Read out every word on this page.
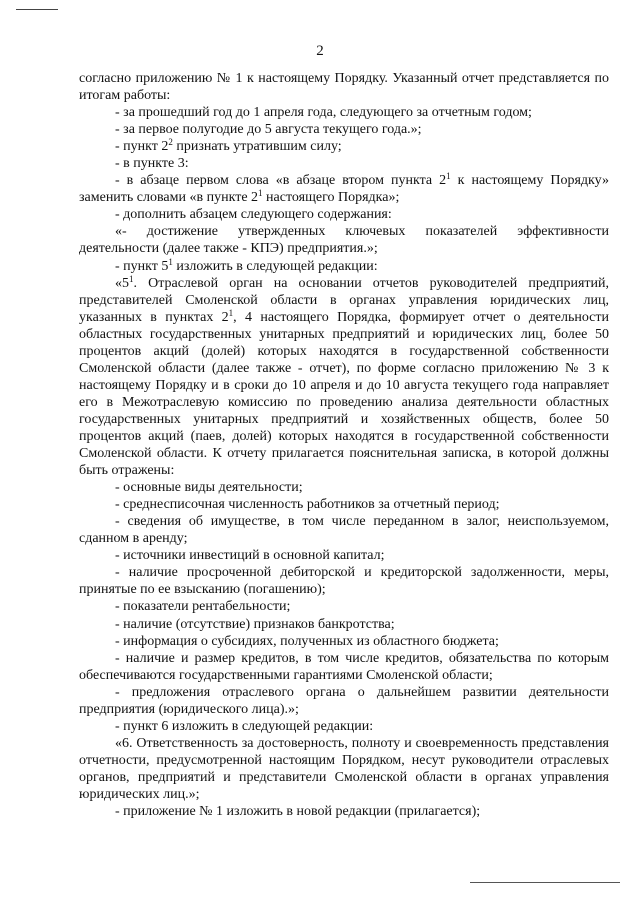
2

согласно приложению № 1 к настоящему Порядку. Указанный отчет представляется по итогам работы:

- за прошедший год до 1 апреля года, следующего за отчетным годом;

- за первое полугодие до 5 августа текущего года.»;

- пункт $2^2$ признать утратившим силу;

- в пункте 3:

- в абзаце первом слова «в абзаце втором пункта $2^1$ к настоящему Порядку» заменить словами «в пункте $2^1$ настоящего Порядка»;

- дополнить абзацем следующего содержания:

«- достижение утвержденных ключевых показателей эффективности деятельности (далее также - КПЭ) предприятия.»;

- пункт $5^1$ изложить в следующей редакции:

«$5^1$. Отраслевой орган на основании отчетов руководителей предприятий, представителей Смоленской области в органах управления юридических лиц, указанных в пунктах $2^1$, 4 настоящего Порядка, формирует отчет о деятельности областных государственных унитарных предприятий и юридических лиц, более 50 процентов акций (долей) которых находятся в государственной собственности Смоленской области (далее также - отчет), по форме согласно приложению № 3 к настоящему Порядку и в сроки до 10 апреля и до 10 августа текущего года направляет его в Межотраслевую комиссию по проведению анализа деятельности областных государственных унитарных предприятий и хозяйственных обществ, более 50 процентов акций (паев, долей) которых находятся в государственной собственности Смоленской области. К отчету прилагается пояснительная записка, в которой должны быть отражены:

- основные виды деятельности;

- среднесписочная численность работников за отчетный период;

- сведения об имуществе, в том числе переданном в залог, неиспользуемом, сданном в аренду;

- источники инвестиций в основной капитал;

- наличие просроченной дебиторской и кредиторской задолженности, меры, принятые по ее взысканию (погашению);

- показатели рентабельности;

- наличие (отсутствие) признаков банкротства;

- информация о субсидиях, полученных из областного бюджета;

- наличие и размер кредитов, в том числе кредитов, обязательства по которым обеспечиваются государственными гарантиями Смоленской области;

- предложения отраслевого органа о дальнейшем развитии деятельности предприятия (юридического лица).»;

- пункт 6 изложить в следующей редакции:

«6. Ответственность за достоверность, полноту и своевременность представления отчетности, предусмотренной настоящим Порядком, несут руководители отраслевых органов, предприятий и представители Смоленской области в органах управления юридических лиц.»;

- приложение № 1 изложить в новой редакции (прилагается);
